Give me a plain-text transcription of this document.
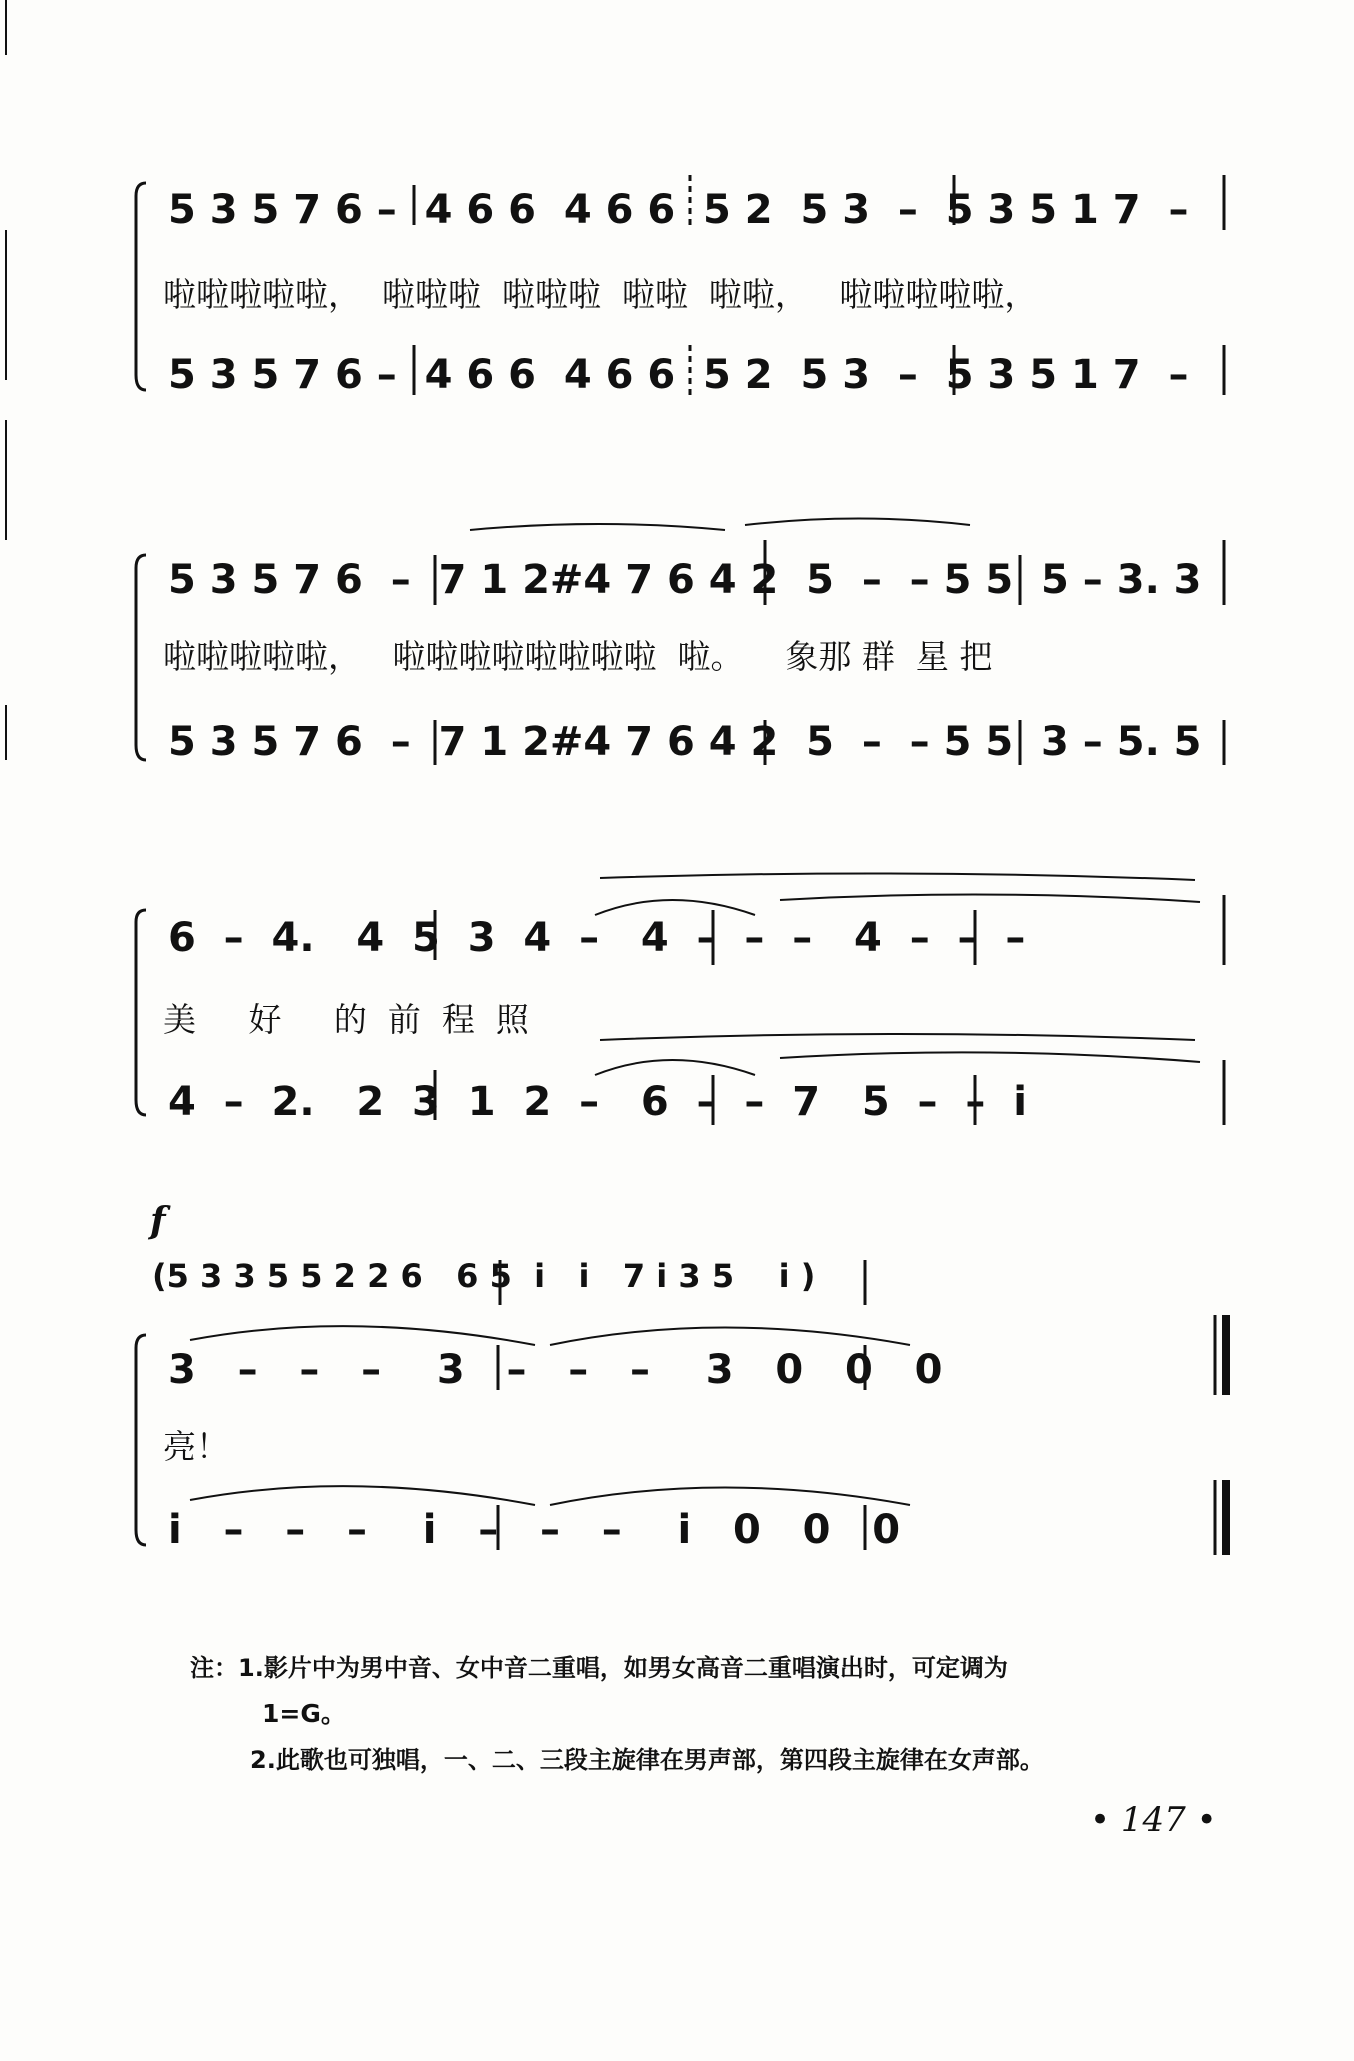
5 3 5 7 6 –  4 6 6  4 6 6  5 2  5 3  –  5 3 5 1 7  –
啦啦啦啦啦，  啦啦啦  啦啦啦  啦啦  啦啦，   啦啦啦啦啦，
5 3 5 7 6 –  4 6 6  4 6 6  5 2  5 3  –  5 3 5 1 7  –
5 3 5 7 6  –  7 1 2#4 7 6 4 2  5  –  – 5 5  5 – 3. 3
啦啦啦啦啦，   啦啦啦啦啦啦啦啦  啦。    象那 群  星 把
5 3 5 7 6  –  7 1 2#4 7 6 4 2  5  –  – 5 5  3 – 5. 5
6  –  4.   4  5  3  4  –   4  –  –  –   4  –  –  –
美     好     的  前  程  照
4  –  2.   2  3  1  2  –   6  –  –  7   5  –  –  i
f
(5 3 3 5 5 2 2 6   6 5  i   i   7 i 3 5    i )
3   –   –   –    3   –   –   –    3   0   0   0
亮！
i   –   –   –    i   –   –   –    i   0   0   0
注：1.影片中为男中音、女中音二重唱，如男女高音二重唱演出时，可定调为
1=G。
2.此歌也可独唱，一、二、三段主旋律在男声部，第四段主旋律在女声部。
• 147 •
